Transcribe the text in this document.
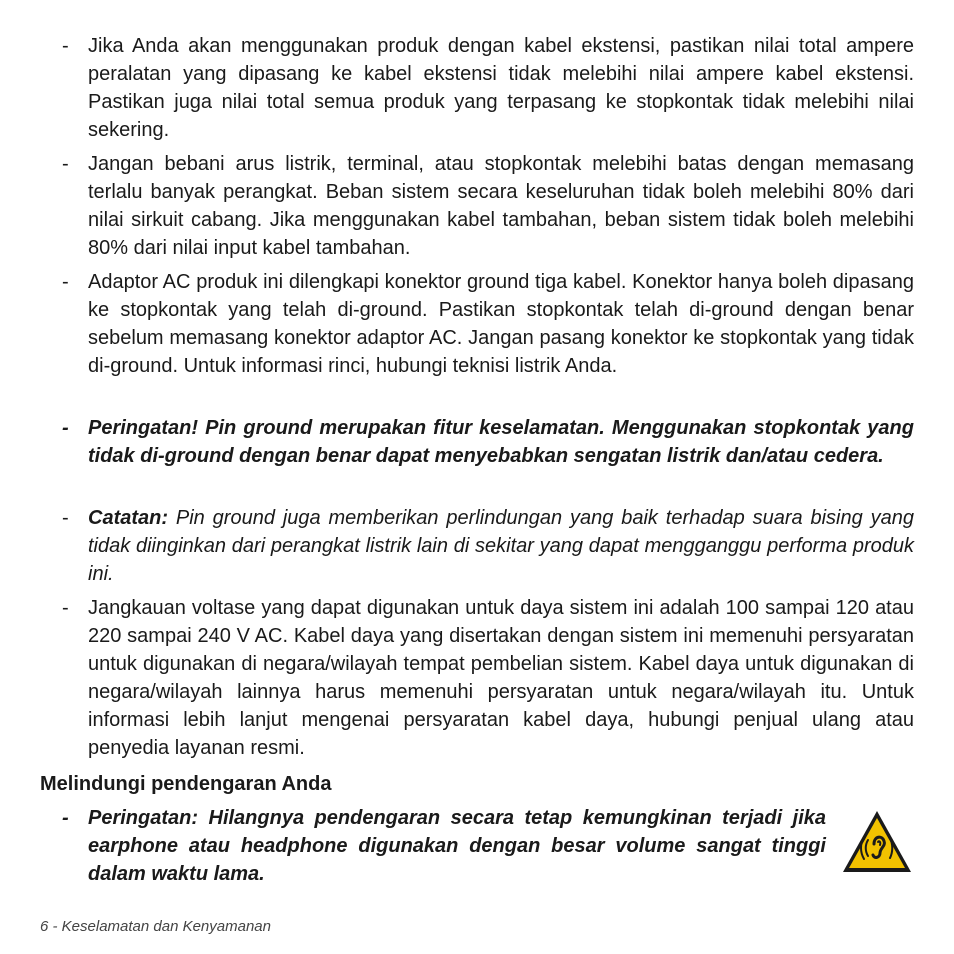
- Jika Anda akan menggunakan produk dengan kabel ekstensi, pastikan nilai total ampere peralatan yang dipasang ke kabel ekstensi tidak melebihi nilai ampere kabel ekstensi. Pastikan juga nilai total semua produk yang terpasang ke stopkontak tidak melebihi nilai sekering.

- Jangan bebani arus listrik, terminal, atau stopkontak melebihi batas dengan memasang terlalu banyak perangkat. Beban sistem secara keseluruhan tidak boleh melebihi 80% dari nilai sirkuit cabang. Jika menggunakan kabel tambahan, beban sistem tidak boleh melebihi 80% dari nilai input kabel tambahan.

- Adaptor AC produk ini dilengkapi konektor ground tiga kabel. Konektor hanya boleh dipasang ke stopkontak yang telah di-ground. Pastikan stopkontak telah di-ground dengan benar sebelum memasang konektor adaptor AC. Jangan pasang konektor ke stopkontak yang tidak di-ground. Untuk informasi rinci, hubungi teknisi listrik Anda.

- Peringatan! Pin ground merupakan fitur keselamatan. Menggunakan stopkontak yang tidak di-ground dengan benar dapat menyebabkan sengatan listrik dan/atau cedera.

- Catatan: Pin ground juga memberikan perlindungan yang baik terhadap suara bising yang tidak diinginkan dari perangkat listrik lain di sekitar yang dapat mengganggu performa produk ini.

- Jangkauan voltase yang dapat digunakan untuk daya sistem ini adalah 100 sampai 120 atau 220 sampai 240 V AC. Kabel daya yang disertakan dengan sistem ini memenuhi persyaratan untuk digunakan di negara/wilayah tempat pembelian sistem. Kabel daya untuk digunakan di negara/wilayah lainnya harus memenuhi persyaratan untuk negara/wilayah itu. Untuk informasi lebih lanjut mengenai persyaratan kabel daya, hubungi penjual ulang atau penyedia layanan resmi.

Melindungi pendengaran Anda
- Peringatan: Hilangnya pendengaran secara tetap kemungkinan terjadi jika earphone atau headphone digunakan dengan besar volume sangat tinggi dalam waktu lama.

6 - Keselamatan dan Kenyamanan
